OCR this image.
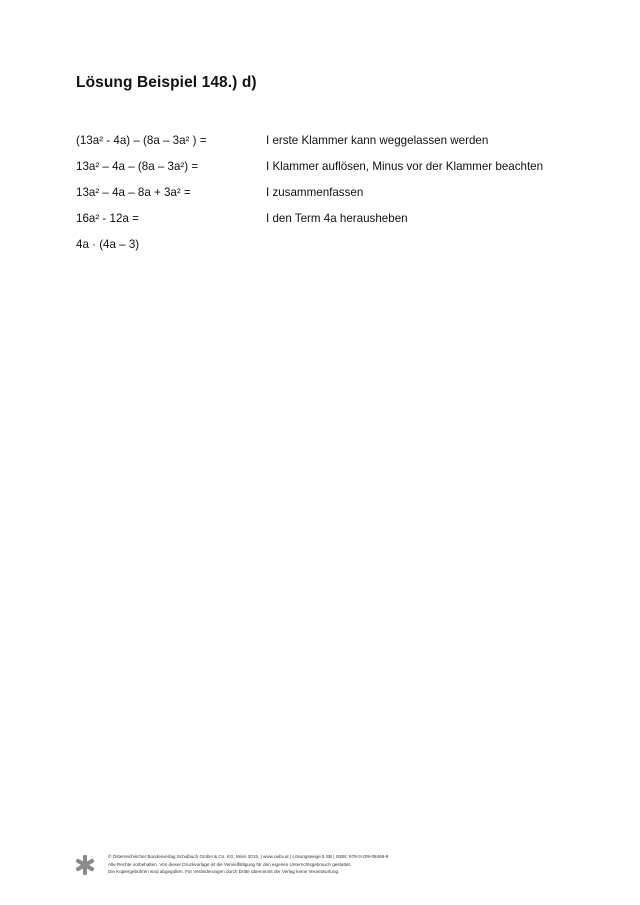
Lösung Beispiel 148.) d)
(13a² - 4a) – (8a – 3a² ) =	I erste Klammer kann weggelassen werden
13a² – 4a – (8a – 3a²) =	I Klammer auflösen, Minus vor der Klammer beachten
13a² – 4a – 8a + 3a² =	I zusammenfassen
16a² - 12a =	I den Term 4a herausheben
4a · (4a – 3)
© Österreichischer Bundesverlag Schulbuch GmbH & Co. KG, Wien 2015. | www.oebv.at | Lösungswege 5 SB | ISBN: 978-3-209-08466-8
Alle Rechte vorbehalten. Von dieser Druckvorlage ist die Vervielfältigung für den eigenen Unterrichtsgebrauch gestattet.
Die Kopiergebühren sind abgegolten. Für Veränderungen durch Dritte übernimmt der Verlag keine Verantwortung.
